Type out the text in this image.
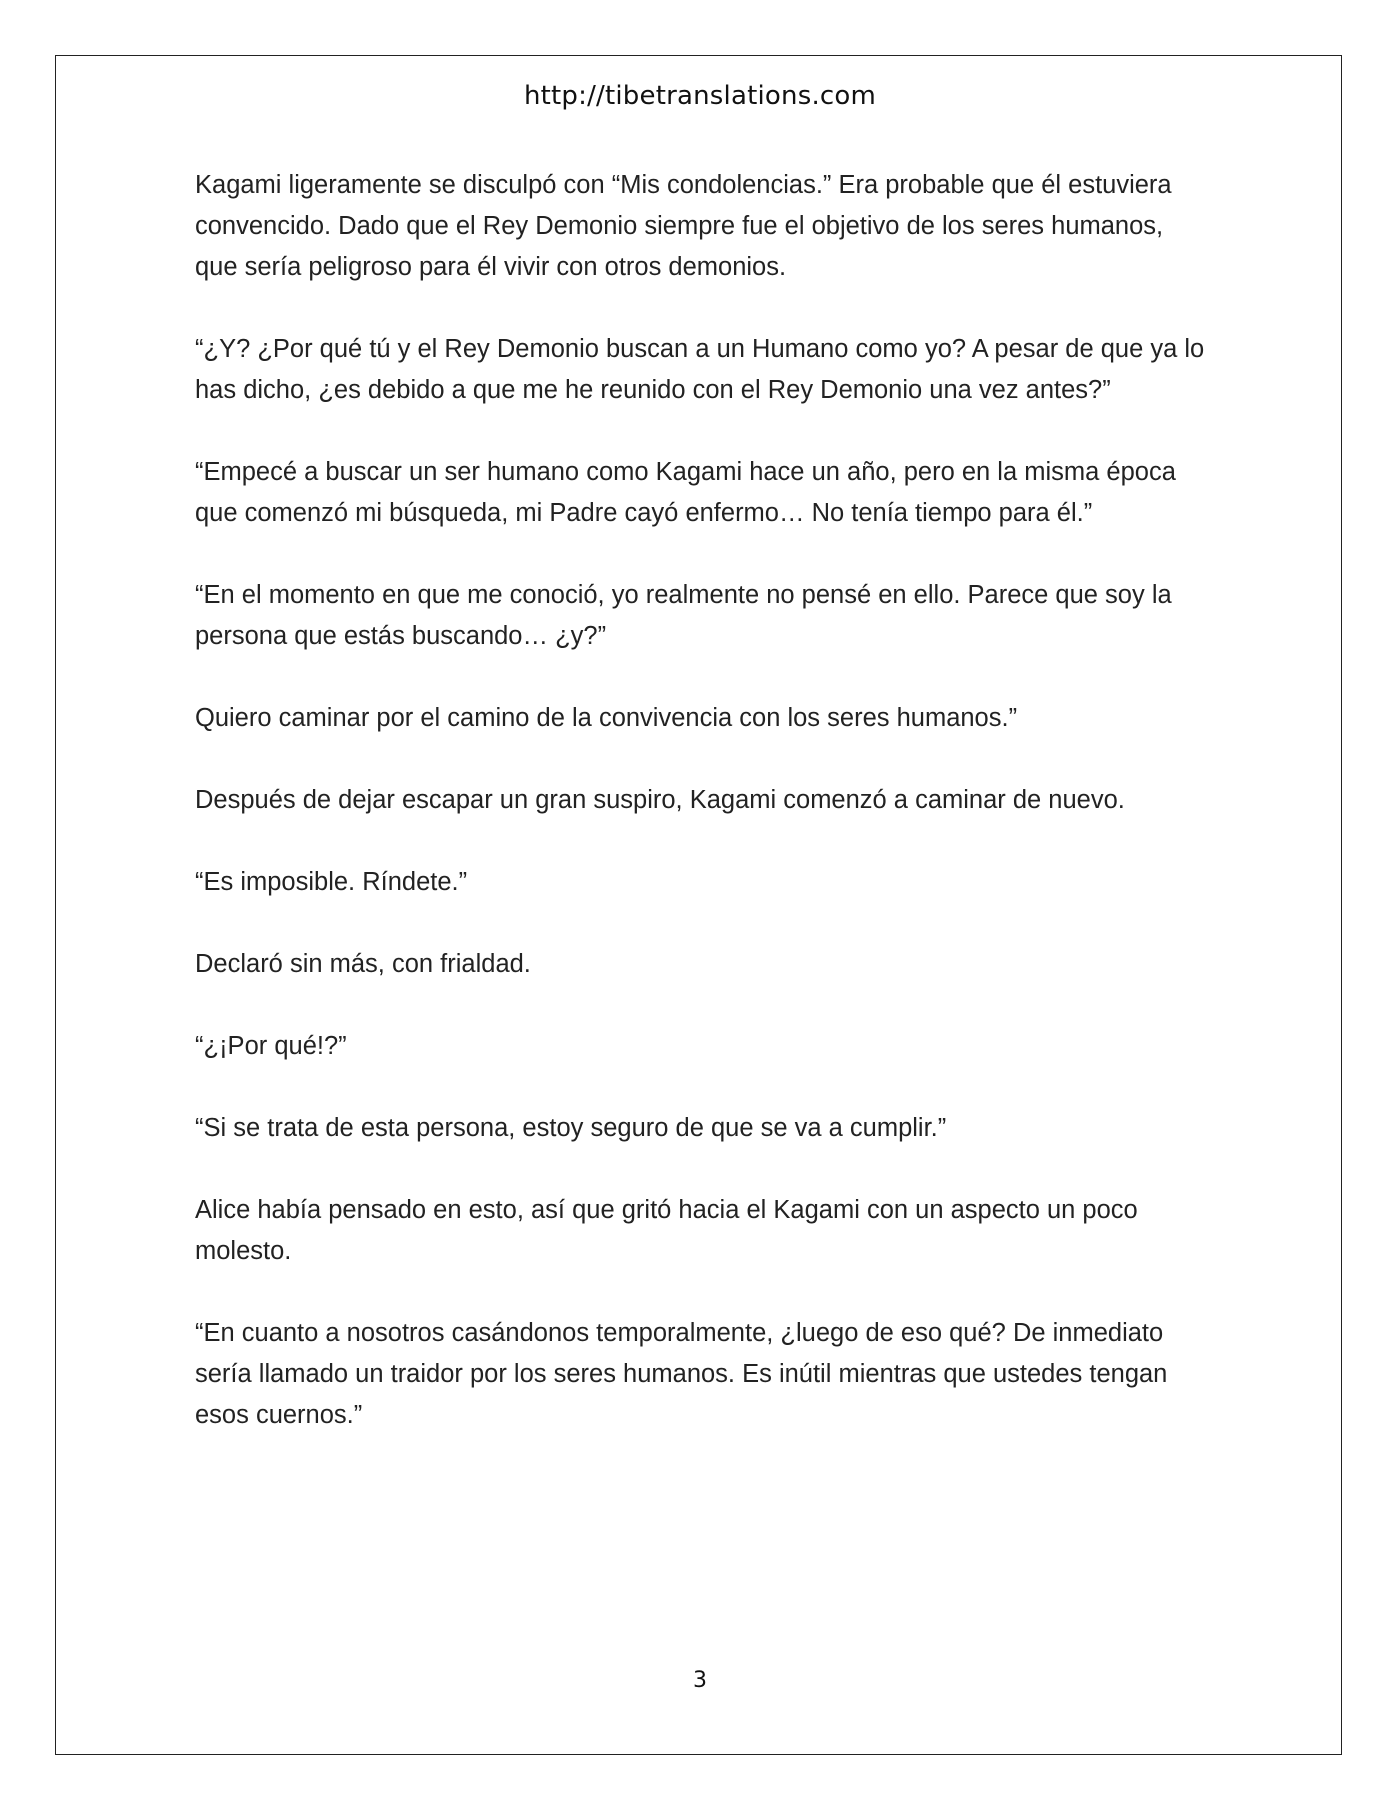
http://tibetranslations.com

Kagami ligeramente se disculpó con “Mis condolencias.” Era probable que él estuviera convencido. Dado que el Rey Demonio siempre fue el objetivo de los seres humanos, que sería peligroso para él vivir con otros demonios.

“¿Y? ¿Por qué tú y el Rey Demonio buscan a un Humano como yo? A pesar de que ya lo has dicho, ¿es debido a que me he reunido con el Rey Demonio una vez antes?”

“Empecé a buscar un ser humano como Kagami hace un año, pero en la misma época que comenzó mi búsqueda, mi Padre cayó enfermo… No tenía tiempo para él.”

“En el momento en que me conoció, yo realmente no pensé en ello. Parece que soy la persona que estás buscando… ¿y?”

Quiero caminar por el camino de la convivencia con los seres humanos.”

Después de dejar escapar un gran suspiro, Kagami comenzó a caminar de nuevo.

“Es imposible. Ríndete.”

Declaró sin más, con frialdad.

“¿¡Por qué!?”

“Si se trata de esta persona, estoy seguro de que se va a cumplir.”

Alice había pensado en esto, así que gritó hacia el Kagami con un aspecto un poco molesto.

“En cuanto a nosotros casándonos temporalmente, ¿luego de eso qué? De inmediato sería llamado un traidor por los seres humanos. Es inútil mientras que ustedes tengan esos cuernos.”

3
